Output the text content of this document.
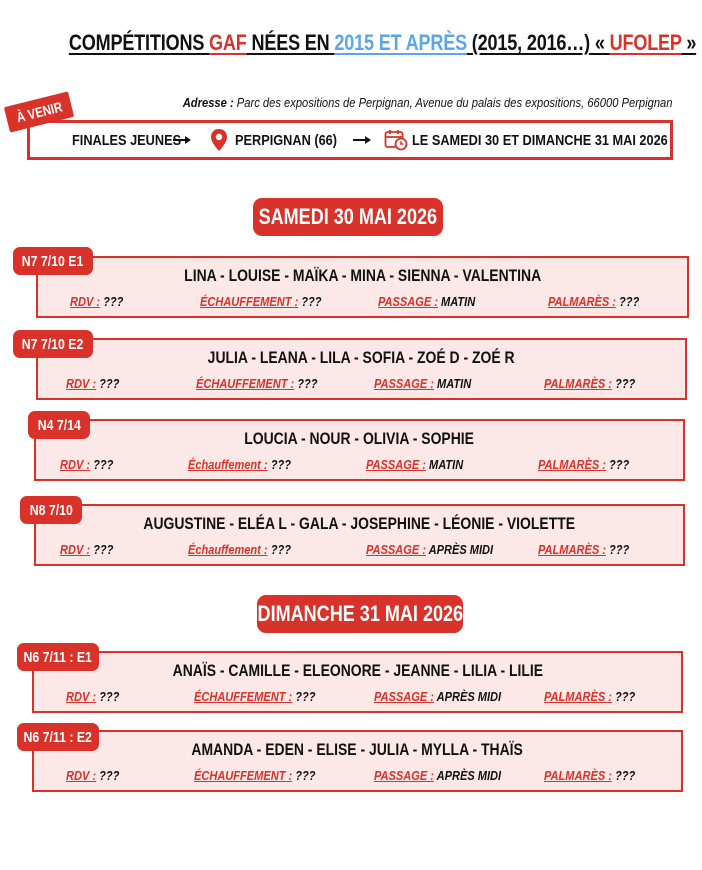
COMPÉTITIONS GAF NÉES EN 2015 ET APRÈS (2015, 2016…) « UFOLEP »
Adresse : Parc des expositions de Perpignan, Avenue du palais des expositions, 66000 Perpignan
À VENIR
FINALES JEUNES	PERPIGNAN (66)	LE SAMEDI 30 ET DIMANCHE 31 MAI 2026
SAMEDI 30 MAI 2026
LINA - LOUISE - MAÏKA - MINA - SIENNA - VALENTINA
RDV : ???	ÉCHAUFFEMENT : ???	PASSAGE : MATIN	PALMARÈS : ???
N7 7/10 E1
JULIA - LEANA - LILA - SOFIA - ZOÉ D - ZOÉ R
RDV : ???	ÉCHAUFFEMENT : ???	PASSAGE : MATIN	PALMARÈS : ???
N7 7/10 E2
LOUCIA - NOUR - OLIVIA - SOPHIE
RDV : ???	Échauffement : ???	PASSAGE : MATIN	PALMARÈS : ???
N4 7/14
AUGUSTINE - ELÉA L - GALA - JOSEPHINE - LÉONIE - VIOLETTE
RDV : ???	Échauffement : ???	PASSAGE : APRÈS MIDI	PALMARÈS : ???
N8 7/10
DIMANCHE 31 MAI 2026
ANAÏS - CAMILLE - ELEONORE - JEANNE - LILIA - LILIE
RDV : ???	ÉCHAUFFEMENT : ???	PASSAGE : APRÈS MIDI	PALMARÈS : ???
N6 7/11 : E1
AMANDA - EDEN - ELISE - JULIA - MYLLA - THAÏS
RDV : ???	ÉCHAUFFEMENT : ???	PASSAGE : APRÈS MIDI	PALMARÈS : ???
N6 7/11 : E2
